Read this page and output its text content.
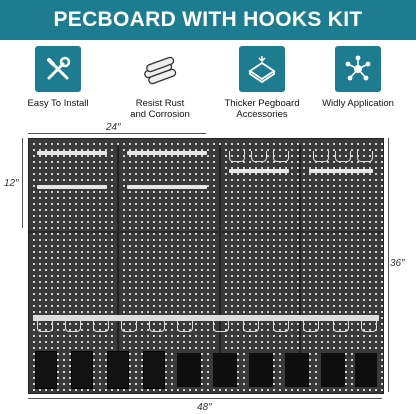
PECBOARD WITH HOOKS KIT
Easy To Install	Resist Rust
and Corrosion
Thicker Pegboard
Accessories
Widly Application
24″
12″
36″
48″
